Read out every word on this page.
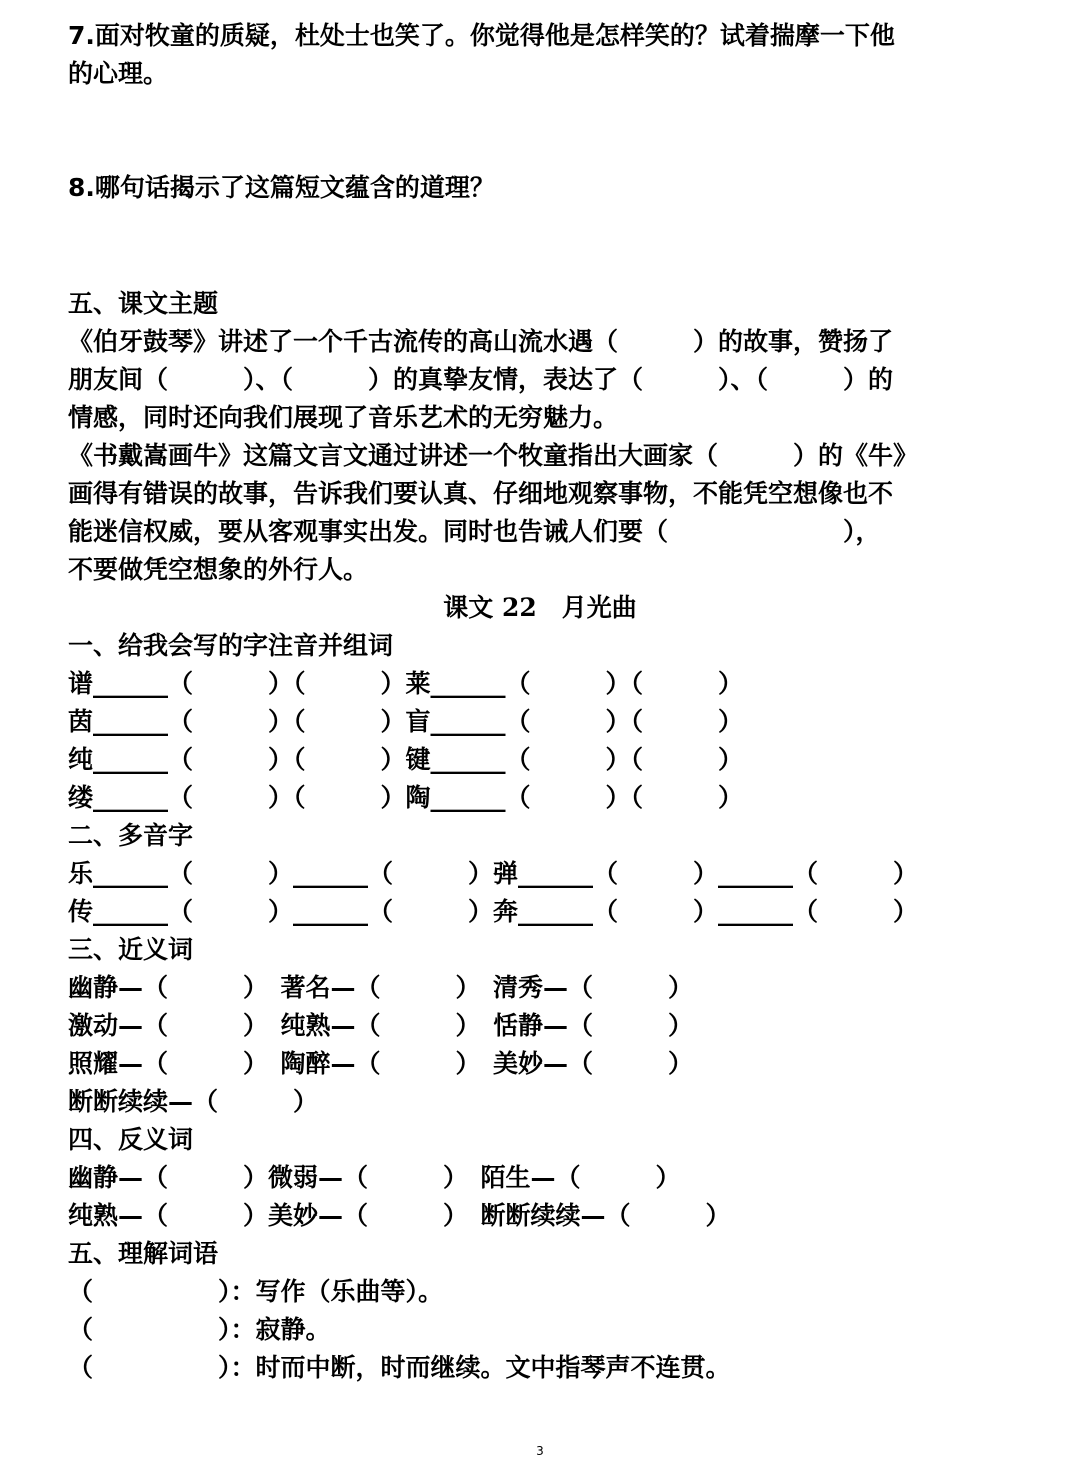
7.面对牧童的质疑，杜处士也笑了。你觉得他是怎样笑的？试着揣摩一下他
的心理。
8.哪句话揭示了这篇短文蕴含的道理？
五、课文主题
《伯牙鼓琴》讲述了一个千古流传的高山流水遇（　　　）的故事，赞扬了
朋友间（　　　）、（　　　）的真挚友情，表达了（　　　）、（　　　）的
情感，同时还向我们展现了音乐艺术的无穷魅力。
《书戴嵩画牛》这篇文言文通过讲述一个牧童指出大画家（　　　）的《牛》
画得有错误的故事，告诉我们要认真、仔细地观察事物，不能凭空想像也不
能迷信权威，要从客观事实出发。同时也告诫人们要（　　　　　　　），
不要做凭空想象的外行人。
课文 22　月光曲
一、给我会写的字注音并组词
谱______（　　　）（　　　）莱______（　　　）（　　　）
茵______（　　　）（　　　）盲______（　　　）（　　　）
纯______（　　　）（　　　）键______（　　　）（　　　）
缕______（　　　）（　　　）陶______（　　　）（　　　）
二、多音字
乐______（　　　）______（　　　）弹______（　　　）______（　　　）
传______（　　　）______（　　　）奔______（　　　）______（　　　）
三、近义词
幽静—（　　　）　著名—（　　　）　清秀—（　　　）
激动—（　　　）　纯熟—（　　　）　恬静—（　　　）
照耀—（　　　）　陶醉—（　　　）　美妙—（　　　）
断断续续—（　　　）
四、反义词
幽静—（　　　）微弱—（　　　）　陌生—（　　　）
纯熟—（　　　）美妙—（　　　）　断断续续—（　　　）
五、理解词语
（　　　　　）：写作（乐曲等）。
（　　　　　）：寂静。
（　　　　　）：时而中断，时而继续。文中指琴声不连贯。
3
